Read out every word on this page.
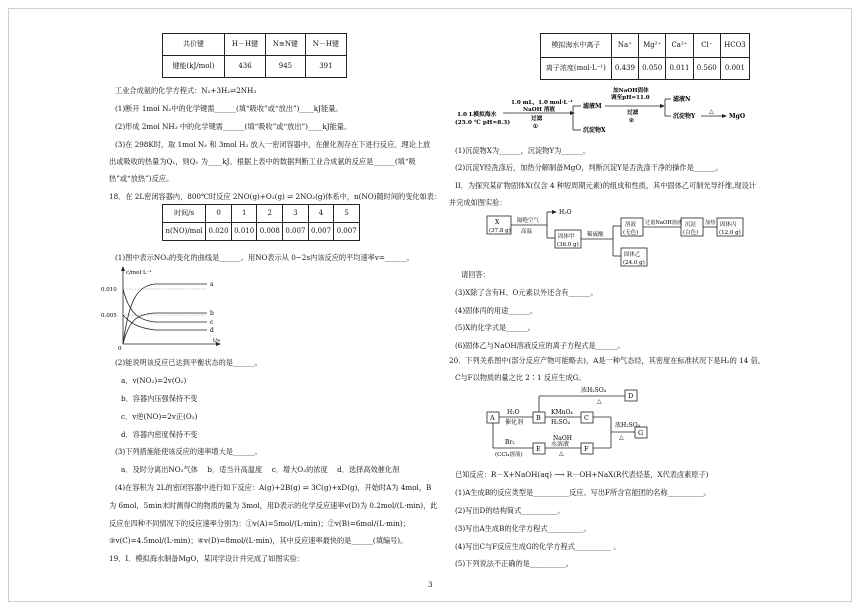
共价键	H－H键	N≡N键	N－H键
键能(kJ/mol)	436	945	391
工业合成氨的化学方程式：N₂+3H₂⇌2NH₃
(1)断开 1mol N₂中的化学键需______(填“吸收”或“放出”)____kJ能量。
(2)形成 2mol NH₃ 中的化学键需______(填“吸收”或“放出”)____kJ能量。
(3)在 298K时，取 1mol N₂ 和 3mol H₂ 放入一密闭容器中，在催化剂存在下进行反应。理论上放
出或吸收的热量为Q₁，则Q₁ 为____kJ。根据上表中的数据判断工业合成氨的反应是______(填“吸
热”或“放热”)反应。
18．在 2L密闭容器内，800℃时反应 2NO(g)+O₂(g) ⇌ 2NO₂(g)体系中，n(NO)随时间的变化如表：
时间/s	0	1	2	3	4	5
n(NO)/mol	0.020	0.010	0.008	0.007	0.007	0.007
(1)图中表示NO₂的变化的曲线是______。用NO表示从 0~2s内该反应的平均速率v=______。
c/mol·L⁻¹
t/s
0.010
0.005
0
a
b
c
d
(2)能说明该反应已达到平衡状态的是______。
a．v(NO₂)=2v(O₂)
b．容器内压强保持不变
c．v逆(NO)=2v正(O₂)
d．容器内密度保持不变
(3)下列措施能使该反应的速率增大是______。
a．及时分离出NO₂气体　 b．适当升高温度　 c．增大O₂的浓度　 d．选择高效催化剂
(4)在容积为 2L的密闭容器中进行如下反应：A(g)+2B(g) ⇌ 3C(g)+xD(g)，开始时A为 4mol，B
为 6mol，5min末时测得C的物质的量为 3mol，用D表示的化学反应速率v(D)为 0.2mol/(L·min)，此
反应在四种不同情况下的反应速率分别为：①v(A)=5mol/(L·min)；②v(B)=6mol/(L·min)；
③v(C)=4.5mol/(L·min)；④v(D)=8mol/(L·min)，其中反应速率最快的是______(填编号)。
19．I．模拟海水制备MgO，某同学设计并完成了如图实验：
模拟海水中离子	Na⁺	Mg²⁺	Ca²⁺	Cl⁻	HCO3
离子浓度(mol·L⁻¹)	0.439	0.050	0.011	0.560	0.001
1.0 L模拟海水
(25.0 ℃ pH=8.3)
1.0 mL，1.0 mol·L⁻¹
NaOH 溶液
过滤
①
滤液M
沉淀物X
加NaOH固体
调至pH=11.0
过滤
②
滤液N
沉淀物Y
△
MgO
(1)沉淀物X为______，沉淀物Y为______。
(2)沉淀Y经洗涤后，加热分解制备MgO，判断沉淀Y是否洗涤干净的操作是______。
II．为探究某矿物固体X(仅含 4 种短周期元素)的组成和性质，其中固体乙可制光导纤维,现设计
并完成如图实验：
X
(37.8 g)
隔绝空气
高温
H₂O
固体甲
(36.0 g)
稀硫酸
溶液
(无色)
过量NaOH溶液 沉淀
(白色)
加热 固体丙
(12.0 g)
固体乙
(24.0 g)
请回答：
(3)X除了含有H、O元素以外还含有______。
(4)固体丙的用途______。
(5)X的化学式是______。
(6)固体乙与NaOH溶液反应的离子方程式是______。
20．下列关系图中(部分反应产物可能略去)，A是一种气态烃，其密度在标准状况下是H₂的 14 倍，
C与F以物质的量之比 2∶1 反应生成G。
A
H₂O
催化剂
B
KMnO₄
H₂SO₄
C
浓H₂SO₄
△
D
浓H₂SO₄
△
G
Br₂
(CCl₄溶液)
E
NaOH
水溶液
△
F
已知反应：R－X+NaOH(aq) ⟶ R－OH+NaX(R代表烃基，X代表卤素原子)
(1)A生成B的反应类型是__________反应。写出F所含官能团的名称__________。
(2)写出D的结构简式__________。
(3)写出A生成B的化学方程式__________。
(4)写出C与F反应生成G的化学方程式__________ 。
(5)下列说法不正确的是__________。
3
